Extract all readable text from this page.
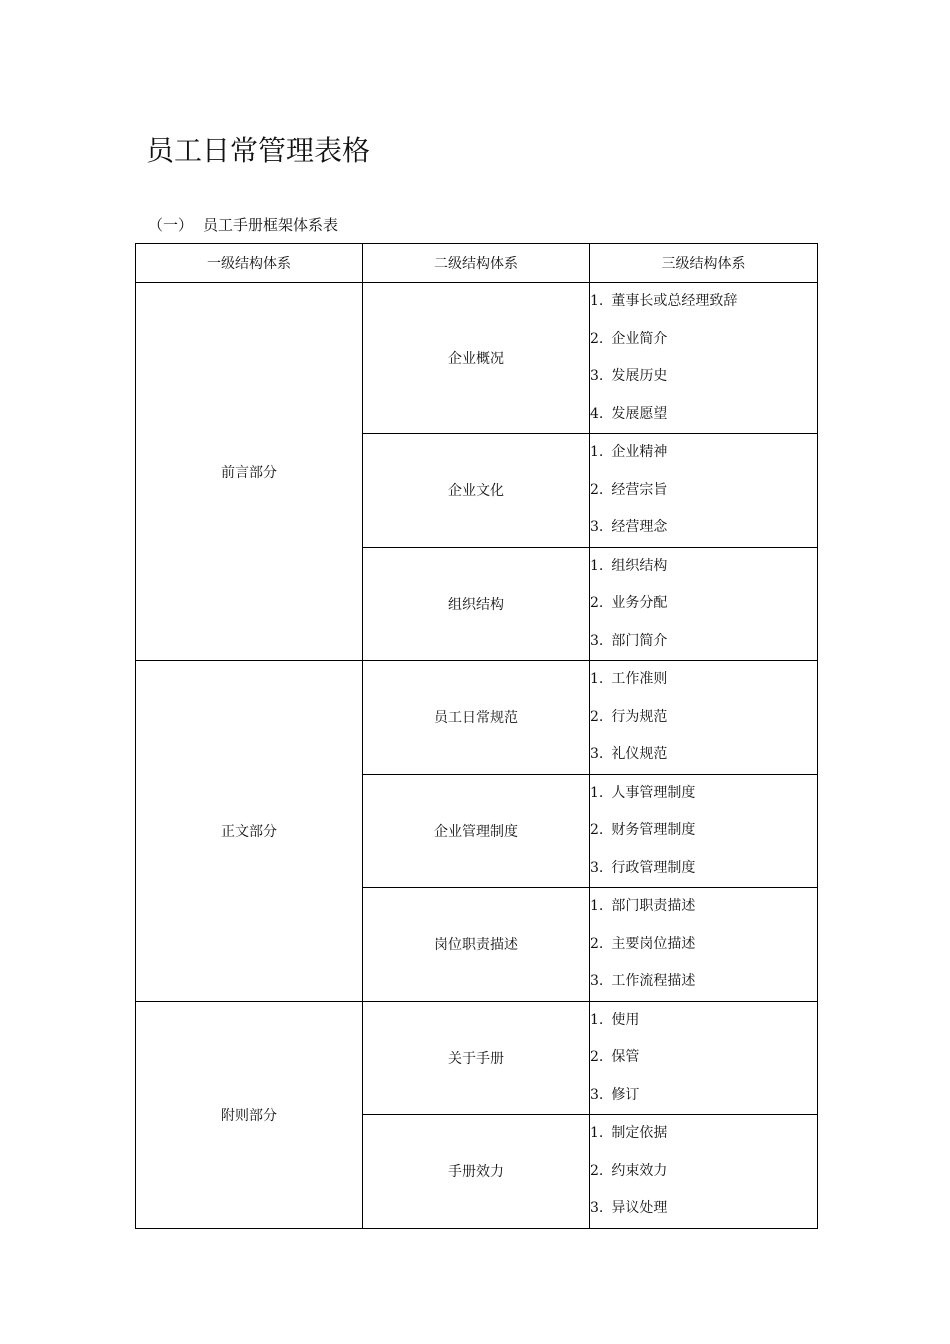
员工日常管理表格
（一） 员工手册框架体系表
一级结构体系	二级结构体系	三级结构体系
前言部分	企业概况	1. 董事长或总经理致辞
2. 企业简介
3. 发展历史
4. 发展愿望

	企业文化	1. 企业精神
2. 经营宗旨
3. 经营理念

	组织结构	1. 组织结构
2. 业务分配
3. 部门简介

正文部分	员工日常规范	1. 工作准则
2. 行为规范
3. 礼仪规范

	企业管理制度	1. 人事管理制度
2. 财务管理制度
3. 行政管理制度

	岗位职责描述	1. 部门职责描述
2. 主要岗位描述
3. 工作流程描述

附则部分	关于手册	1. 使用
2. 保管
3. 修订

	手册效力	1. 制定依据
2. 约束效力
3. 异议处理
